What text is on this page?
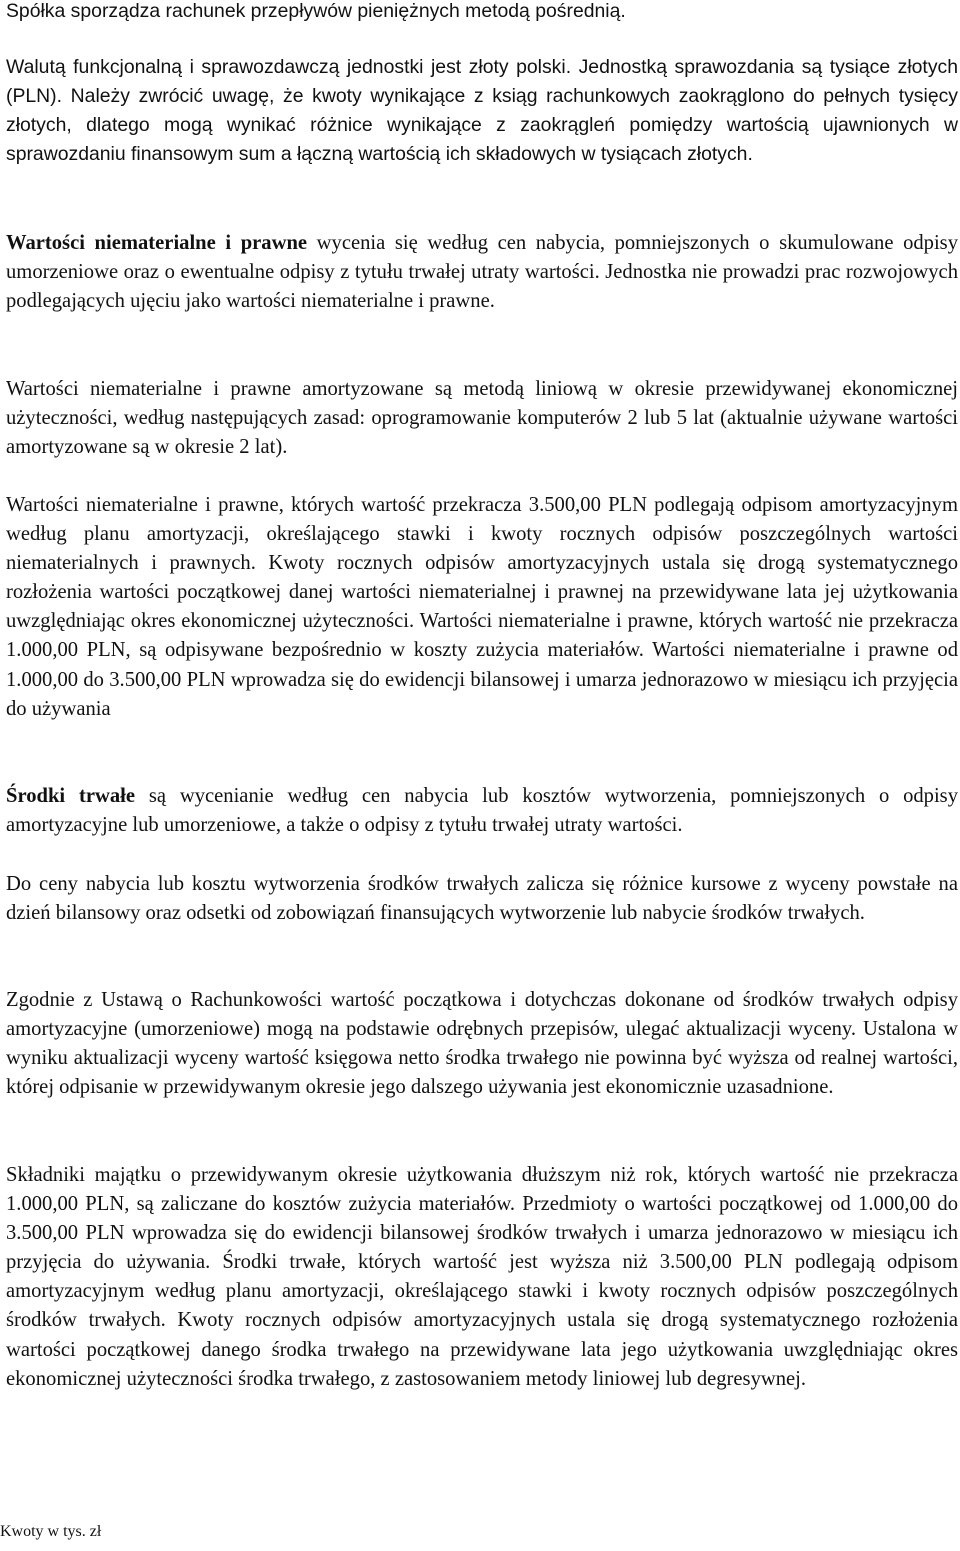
Spółka sporządza rachunek przepływów pieniężnych metodą pośrednią.

Walutą funkcjonalną i sprawozdawczą jednostki jest złoty polski. Jednostką sprawozdania są tysiące złotych (PLN). Należy zwrócić uwagę, że kwoty wynikające z ksiąg rachunkowych zaokrąglono do pełnych tysięcy złotych, dlatego mogą wynikać różnice wynikające z zaokrągleń pomiędzy wartością ujawnionych w sprawozdaniu finansowym sum a łączną wartością ich składowych w tysiącach złotych.

Wartości niematerialne i prawne wycenia się według cen nabycia, pomniejszonych o skumulowane odpisy umorzeniowe oraz o ewentualne odpisy z tytułu trwałej utraty wartości. Jednostka nie prowadzi prac rozwojowych podlegających ujęciu jako wartości niematerialne i prawne.

Wartości niematerialne i prawne amortyzowane są metodą liniową w okresie przewidywanej ekonomicznej użyteczności, według następujących zasad: oprogramowanie komputerów 2 lub 5 lat (aktualnie używane wartości amortyzowane są w okresie 2 lat).

Wartości niematerialne i prawne, których wartość przekracza 3.500,00 PLN podlegają odpisom amortyzacyjnym według planu amortyzacji, określającego stawki i kwoty rocznych odpisów poszczególnych wartości niematerialnych i prawnych. Kwoty rocznych odpisów amortyzacyjnych ustala się drogą systematycznego rozłożenia wartości początkowej danej wartości niematerialnej i prawnej na przewidywane lata jej użytkowania uwzględniając okres ekonomicznej użyteczności. Wartości niematerialne i prawne, których wartość nie przekracza 1.000,00 PLN, są odpisywane bezpośrednio w koszty zużycia materiałów. Wartości niematerialne i prawne od 1.000,00 do 3.500,00 PLN wprowadza się do ewidencji bilansowej i umarza jednorazowo w miesiącu ich przyjęcia do używania

Środki trwałe są wycenianie według cen nabycia lub kosztów wytworzenia, pomniejszonych o odpisy amortyzacyjne lub umorzeniowe, a także o odpisy z tytułu trwałej utraty wartości.

Do ceny nabycia lub kosztu wytworzenia środków trwałych zalicza się różnice kursowe z wyceny powstałe na dzień bilansowy oraz odsetki od zobowiązań finansujących wytworzenie lub nabycie środków trwałych.

Zgodnie z Ustawą o Rachunkowości wartość początkowa i dotychczas dokonane od środków trwałych odpisy amortyzacyjne (umorzeniowe) mogą na podstawie odrębnych przepisów, ulegać aktualizacji wyceny. Ustalona w wyniku aktualizacji wyceny wartość księgowa netto środka trwałego nie powinna być wyższa od realnej wartości, której odpisanie w przewidywanym okresie jego dalszego używania jest ekonomicznie uzasadnione.

Składniki majątku o przewidywanym okresie użytkowania dłuższym niż rok, których wartość nie przekracza 1.000,00 PLN, są zaliczane do kosztów zużycia materiałów. Przedmioty o wartości początkowej od 1.000,00 do 3.500,00 PLN wprowadza się do ewidencji bilansowej środków trwałych i umarza jednorazowo w miesiącu ich przyjęcia do używania. Środki trwałe, których wartość jest wyższa niż 3.500,00 PLN podlegają odpisom amortyzacyjnym według planu amortyzacji, określającego stawki i kwoty rocznych odpisów poszczególnych środków trwałych. Kwoty rocznych odpisów amortyzacyjnych ustala się drogą systematycznego rozłożenia wartości początkowej danego środka trwałego na przewidywane lata jego użytkowania uwzględniając okres ekonomicznej użyteczności środka trwałego, z zastosowaniem metody liniowej lub degresywnej.

Kwoty w tys. zł
